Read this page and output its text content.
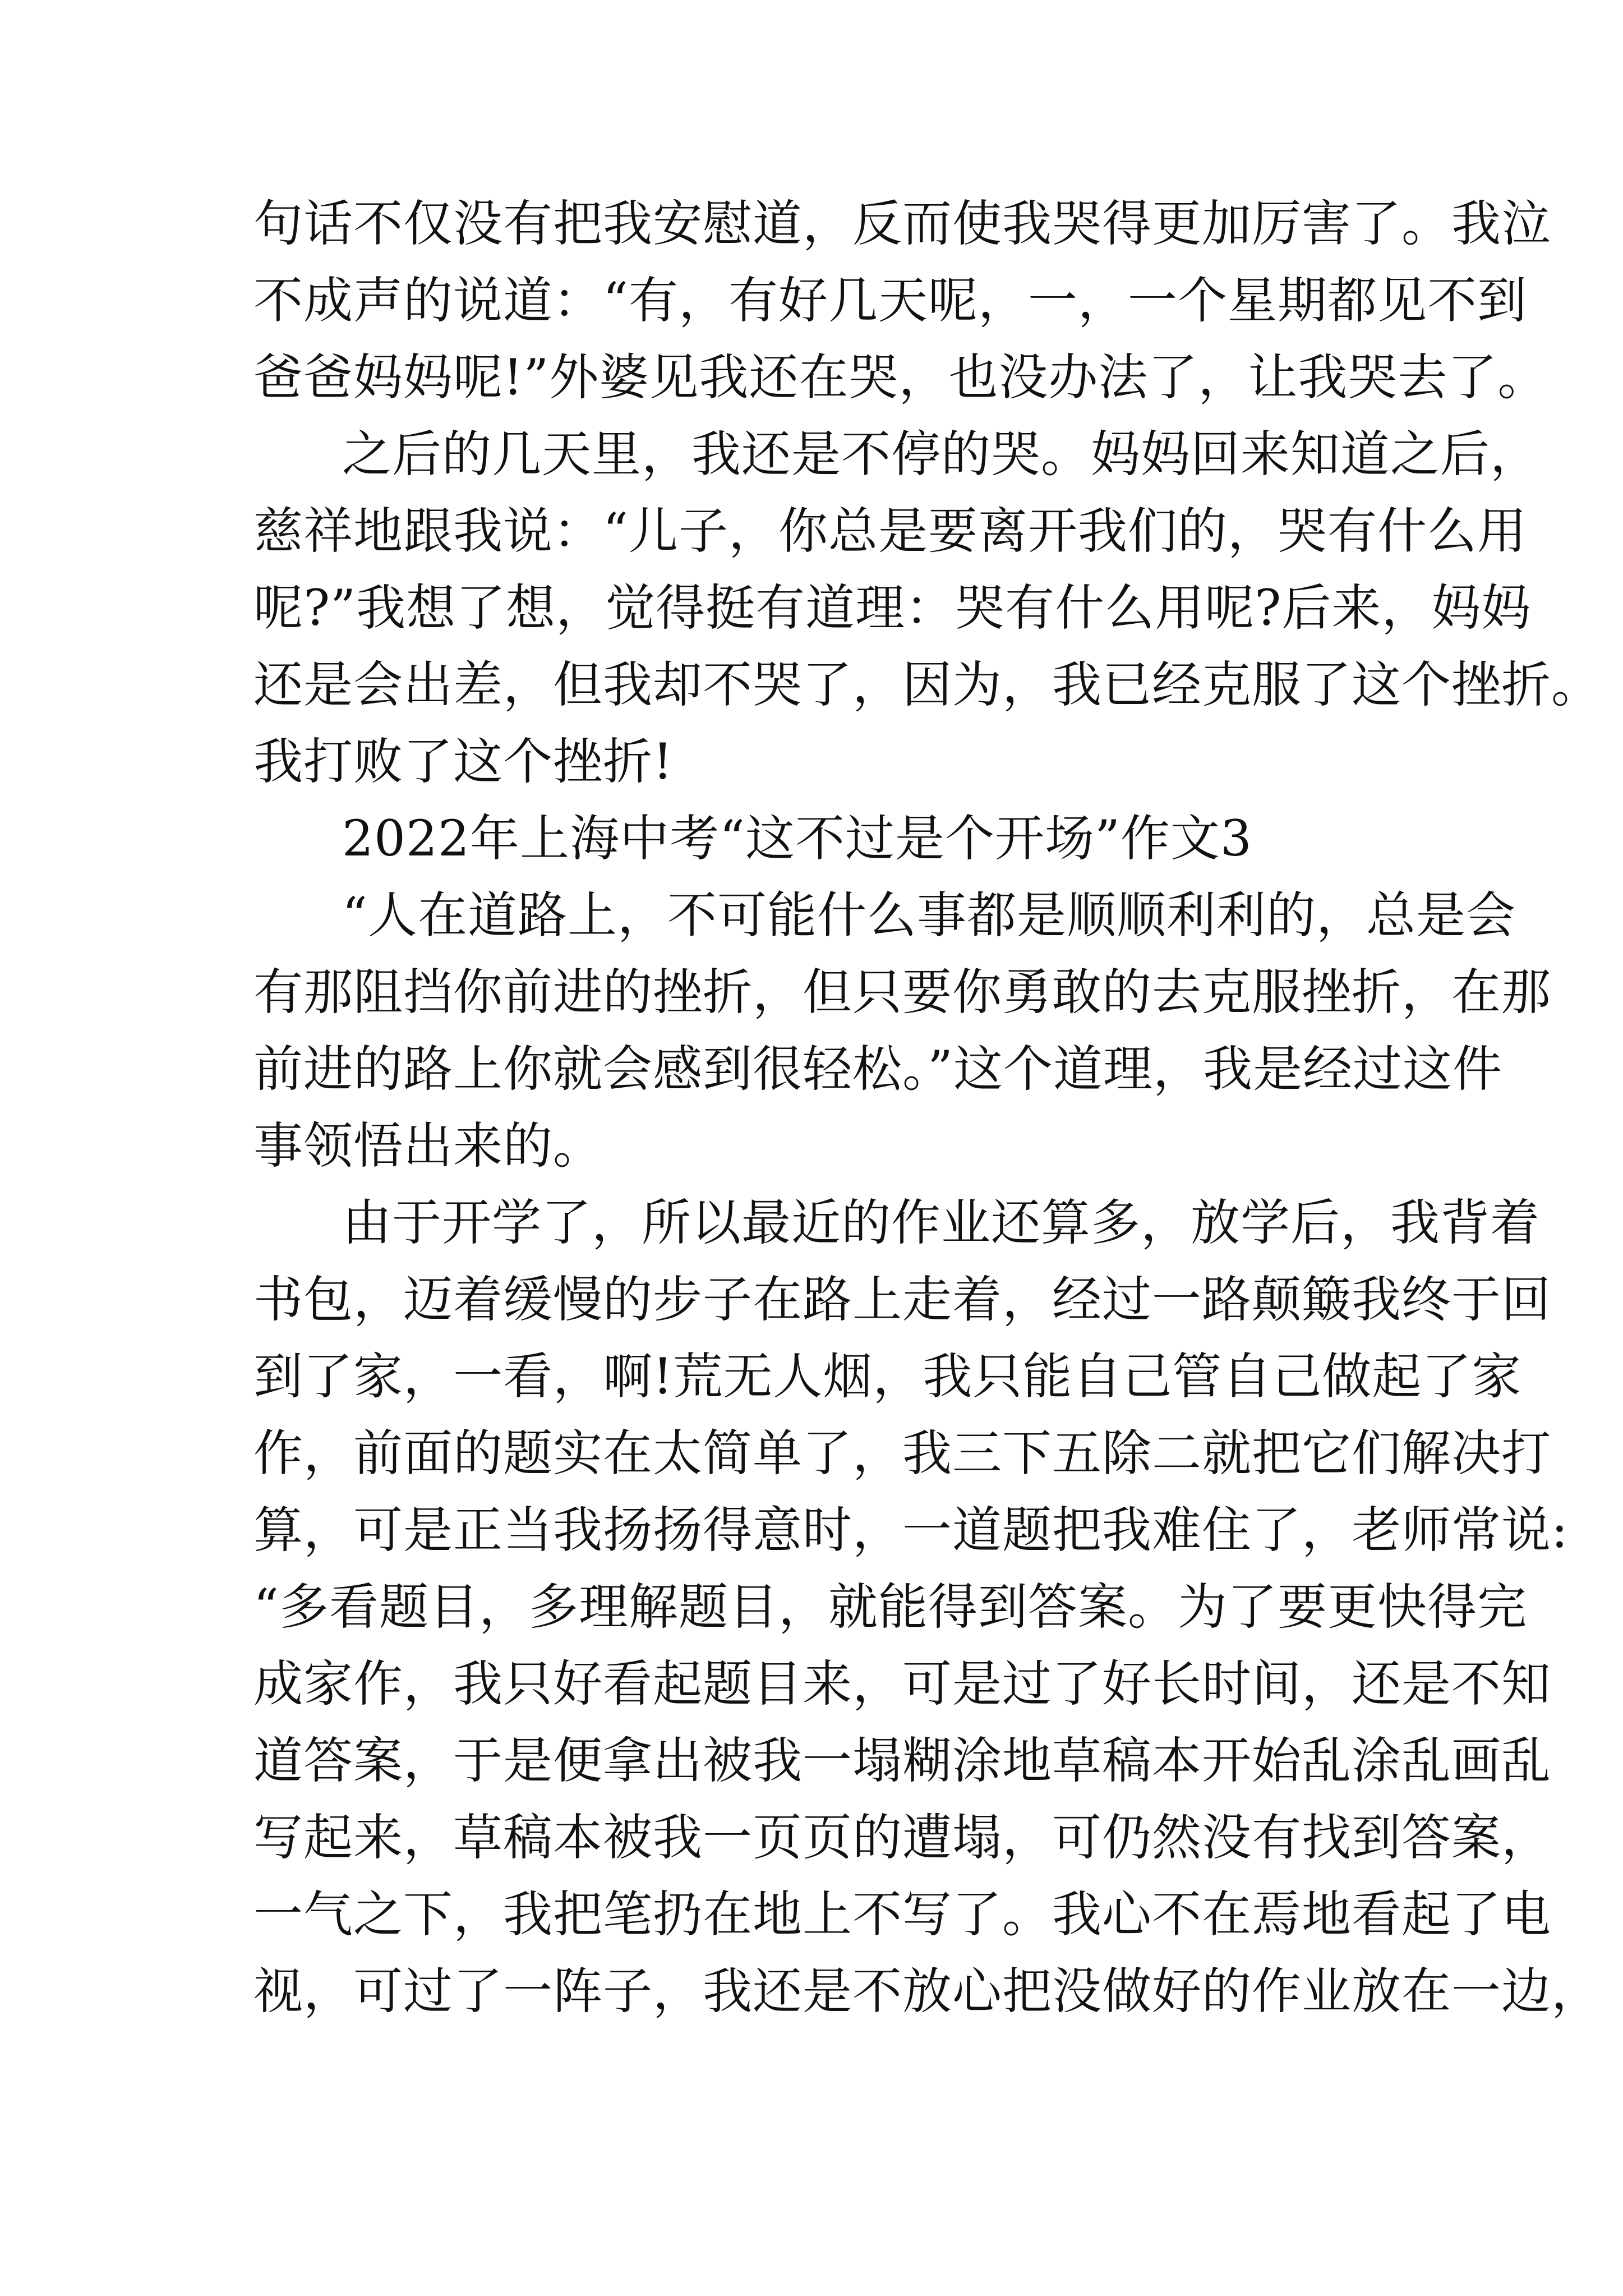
句话不仅没有把我安慰道，反而使我哭得更加厉害了。我泣
不成声的说道：“有，有好几天呢，一，一个星期都见不到
爸爸妈妈呢!”外婆见我还在哭，也没办法了，让我哭去了。
之后的几天里，我还是不停的哭。妈妈回来知道之后，
慈祥地跟我说：“儿子，你总是要离开我们的，哭有什么用
呢?”我想了想，觉得挺有道理：哭有什么用呢?后来，妈妈
还是会出差，但我却不哭了，因为，我已经克服了这个挫折。
我打败了这个挫折!
2022年上海中考“这不过是个开场”作文3
“人在道路上，不可能什么事都是顺顺利利的，总是会
有那阻挡你前进的挫折，但只要你勇敢的去克服挫折，在那
前进的路上你就会感到很轻松。”这个道理，我是经过这件
事领悟出来的。
由于开学了，所以最近的作业还算多，放学后，我背着
书包，迈着缓慢的步子在路上走着，经过一路颠簸我终于回
到了家，一看，啊!荒无人烟，我只能自己管自己做起了家
作，前面的题实在太简单了，我三下五除二就把它们解决打
算，可是正当我扬扬得意时，一道题把我难住了，老师常说:
“多看题目，多理解题目，就能得到答案。为了要更快得完
成家作，我只好看起题目来，可是过了好长时间，还是不知
道答案，于是便拿出被我一塌糊涂地草稿本开始乱涂乱画乱
写起来，草稿本被我一页页的遭塌，可仍然没有找到答案，
一气之下，我把笔扔在地上不写了。我心不在焉地看起了电
视，可过了一阵子，我还是不放心把没做好的作业放在一边，
